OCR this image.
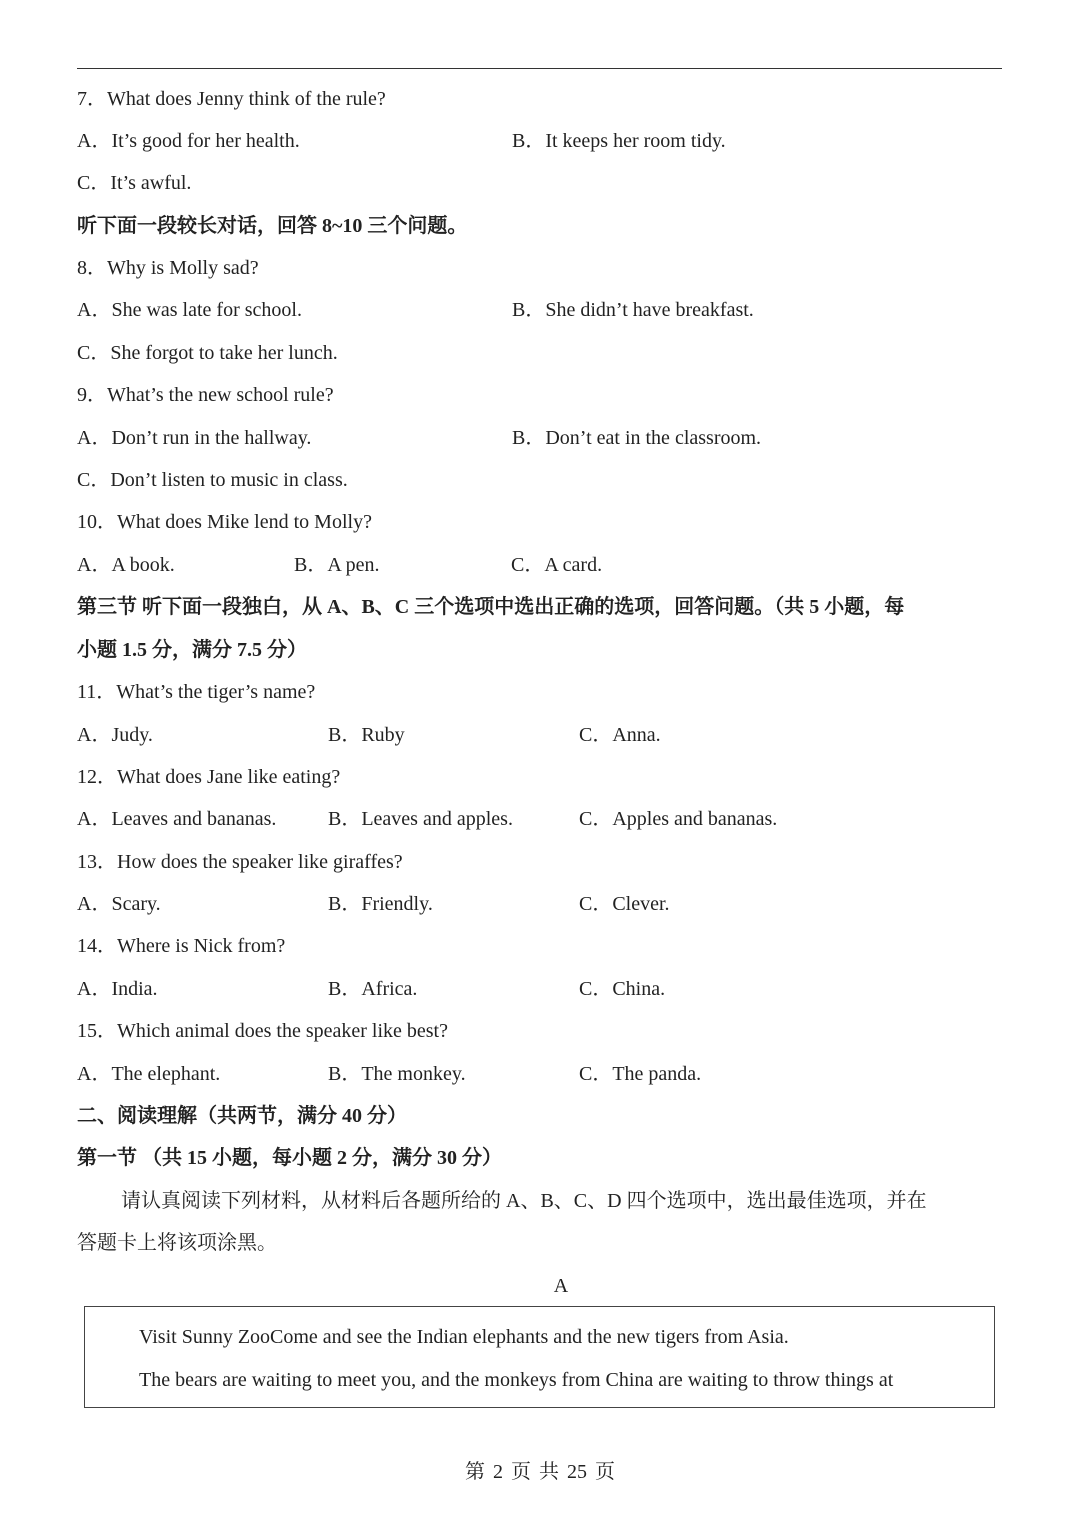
7．What does Jenny think of the rule?
A．It’s good for her health.	B．It keeps her room tidy.
C．It’s awful.
听下面一段较长对话，回答 8~10 三个问题。
8．Why is Molly sad?
A．She was late for school.	B．She didn’t have breakfast.
C．She forgot to take her lunch.
9．What’s the new school rule?
A．Don’t run in the hallway.	B．Don’t eat in the classroom.
C．Don’t listen to music in class.
10．What does Mike lend to Molly?
A．A book.	B．A pen.	C．A card.
第三节 听下面一段独白，从 A、B、C 三个选项中选出正确的选项，回答问题。（共 5 小题，每
小题 1.5 分，满分 7.5 分）
11．What’s the tiger’s name?
A．Judy.	B．Ruby	C．Anna.
12．What does Jane like eating?
A．Leaves and bananas.	B．Leaves and apples.	C．Apples and bananas.
13．How does the speaker like giraffes?
A．Scary.	B．Friendly.	C．Clever.
14．Where is Nick from?
A．India.	B．Africa.	C．China.
15．Which animal does the speaker like best?
A．The elephant.	B．The monkey.	C．The panda.
二、阅读理解（共两节，满分 40 分）
第一节 （共 15 小题，每小题 2 分，满分 30 分）
请认真阅读下列材料，从材料后各题所给的 A、B、C、D 四个选项中，选出最佳选项，并在
答题卡上将该项涂黑。
A
Visit Sunny ZooCome and see the Indian elephants and the new tigers from Asia.
The bears are waiting to meet you, and the monkeys from China are waiting to throw things at
第 2 页 共 25 页
